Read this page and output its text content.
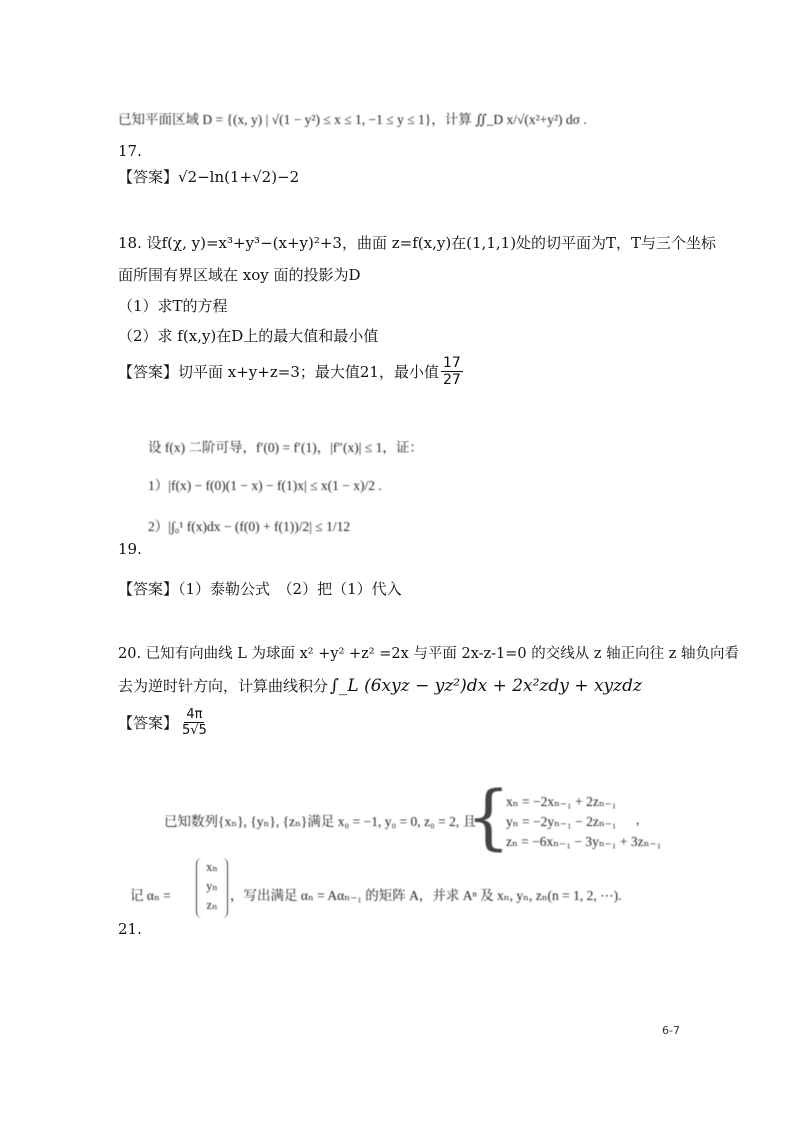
已知平面区域 D = {(x, y) | √(1 − y²) ≤ x ≤ 1, −1 ≤ y ≤ 1}，计算 ∬_D x/√(x²+y²) dσ .
17.
【答案】√2−ln(1+√2)−2
18. 设f(χ, y)=x³+y³−(x+y)²+3，曲面 z=f(x,y)在(1,1,1)处的切平面为T，T与三个坐标
面所围有界区域在 xoy 面的投影为D
（1）求T的方程
（2）求 f(x,y)在D上的最大值和最小值
【答案】 切平面 x+y+z=3；最大值21，最小值 $\frac{17}{27}$
设 f(x) 二阶可导，f′(0) = f′(1)，|f″(x)| ≤ 1，证：
1）|f(x) − f(0)(1 − x) − f(1)x| ≤ x(1 − x)/2 .
2）|∫₀¹ f(x)dx − (f(0) + f(1))/2| ≤ 1/12
19.
【答案】（1）泰勒公式　（2）把（1）代入
20. 已知有向曲线 L 为球面 x² +y² +z² =2x 与平面 2x-z-1=0 的交线从 z 轴正向往 z 轴负向看
去为逆时针方向，计算曲线积分 ∫_L (6xyz − yz²)dx + 2x²zdy + xyzdz
【答案】 $\frac{4\pi}{5√5}$
已知数列{xₙ}, {yₙ}, {zₙ}满足 x₀ = −1, y₀ = 0, z₀ = 2, 且
{
xₙ = −2xₙ₋₁ + 2zₙ₋₁
yₙ = −2yₙ₋₁ − 2zₙ₋₁
zₙ = −6xₙ₋₁ − 3yₙ₋₁ + 3zₙ₋₁
,
记 αₙ =
xₙ
yₙ
zₙ
，写出满足 αₙ = Aαₙ₋₁ 的矩阵 A，并求 Aⁿ 及 xₙ, yₙ, zₙ(n = 1, 2, ⋯).
21.
6-7
